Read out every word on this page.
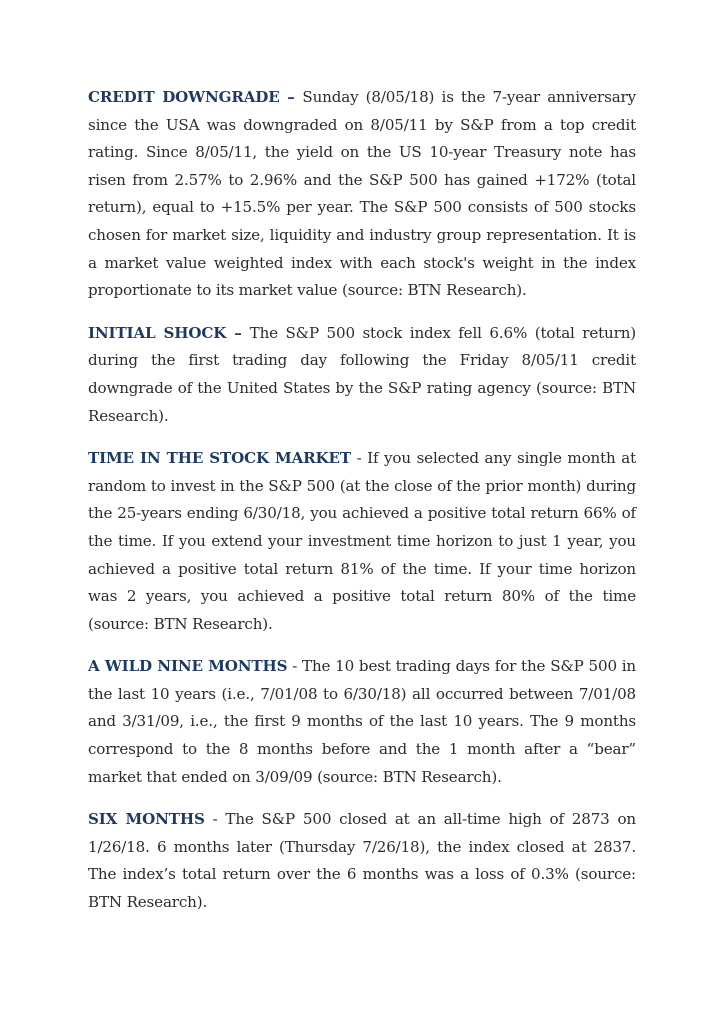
CREDIT DOWNGRADE – Sunday (8/05/18) is the 7-year anniversary since the USA was downgraded on 8/05/11 by S&P from a top credit rating. Since 8/05/11, the yield on the US 10-year Treasury note has risen from 2.57% to 2.96% and the S&P 500 has gained +172% (total return), equal to +15.5% per year. The S&P 500 consists of 500 stocks chosen for market size, liquidity and industry group representation. It is a market value weighted index with each stock's weight in the index proportionate to its market value (source: BTN Research).

INITIAL SHOCK – The S&P 500 stock index fell 6.6% (total return) during the first trading day following the Friday 8/05/11 credit downgrade of the United States by the S&P rating agency (source: BTN Research).

TIME IN THE STOCK MARKET - If you selected any single month at random to invest in the S&P 500 (at the close of the prior month) during the 25-years ending 6/30/18, you achieved a positive total return 66% of the time. If you extend your investment time horizon to just 1 year, you achieved a positive total return 81% of the time. If your time horizon was 2 years, you achieved a positive total return 80% of the time (source: BTN Research).

A WILD NINE MONTHS - The 10 best trading days for the S&P 500 in the last 10 years (i.e., 7/01/08 to 6/30/18) all occurred between 7/01/08 and 3/31/09, i.e., the first 9 months of the last 10 years. The 9 months correspond to the 8 months before and the 1 month after a “bear” market that ended on 3/09/09 (source: BTN Research).

SIX MONTHS - The S&P 500 closed at an all-time high of 2873 on 1/26/18. 6 months later (Thursday 7/26/18), the index closed at 2837. The index’s total return over the 6 months was a loss of 0.3% (source: BTN Research).
